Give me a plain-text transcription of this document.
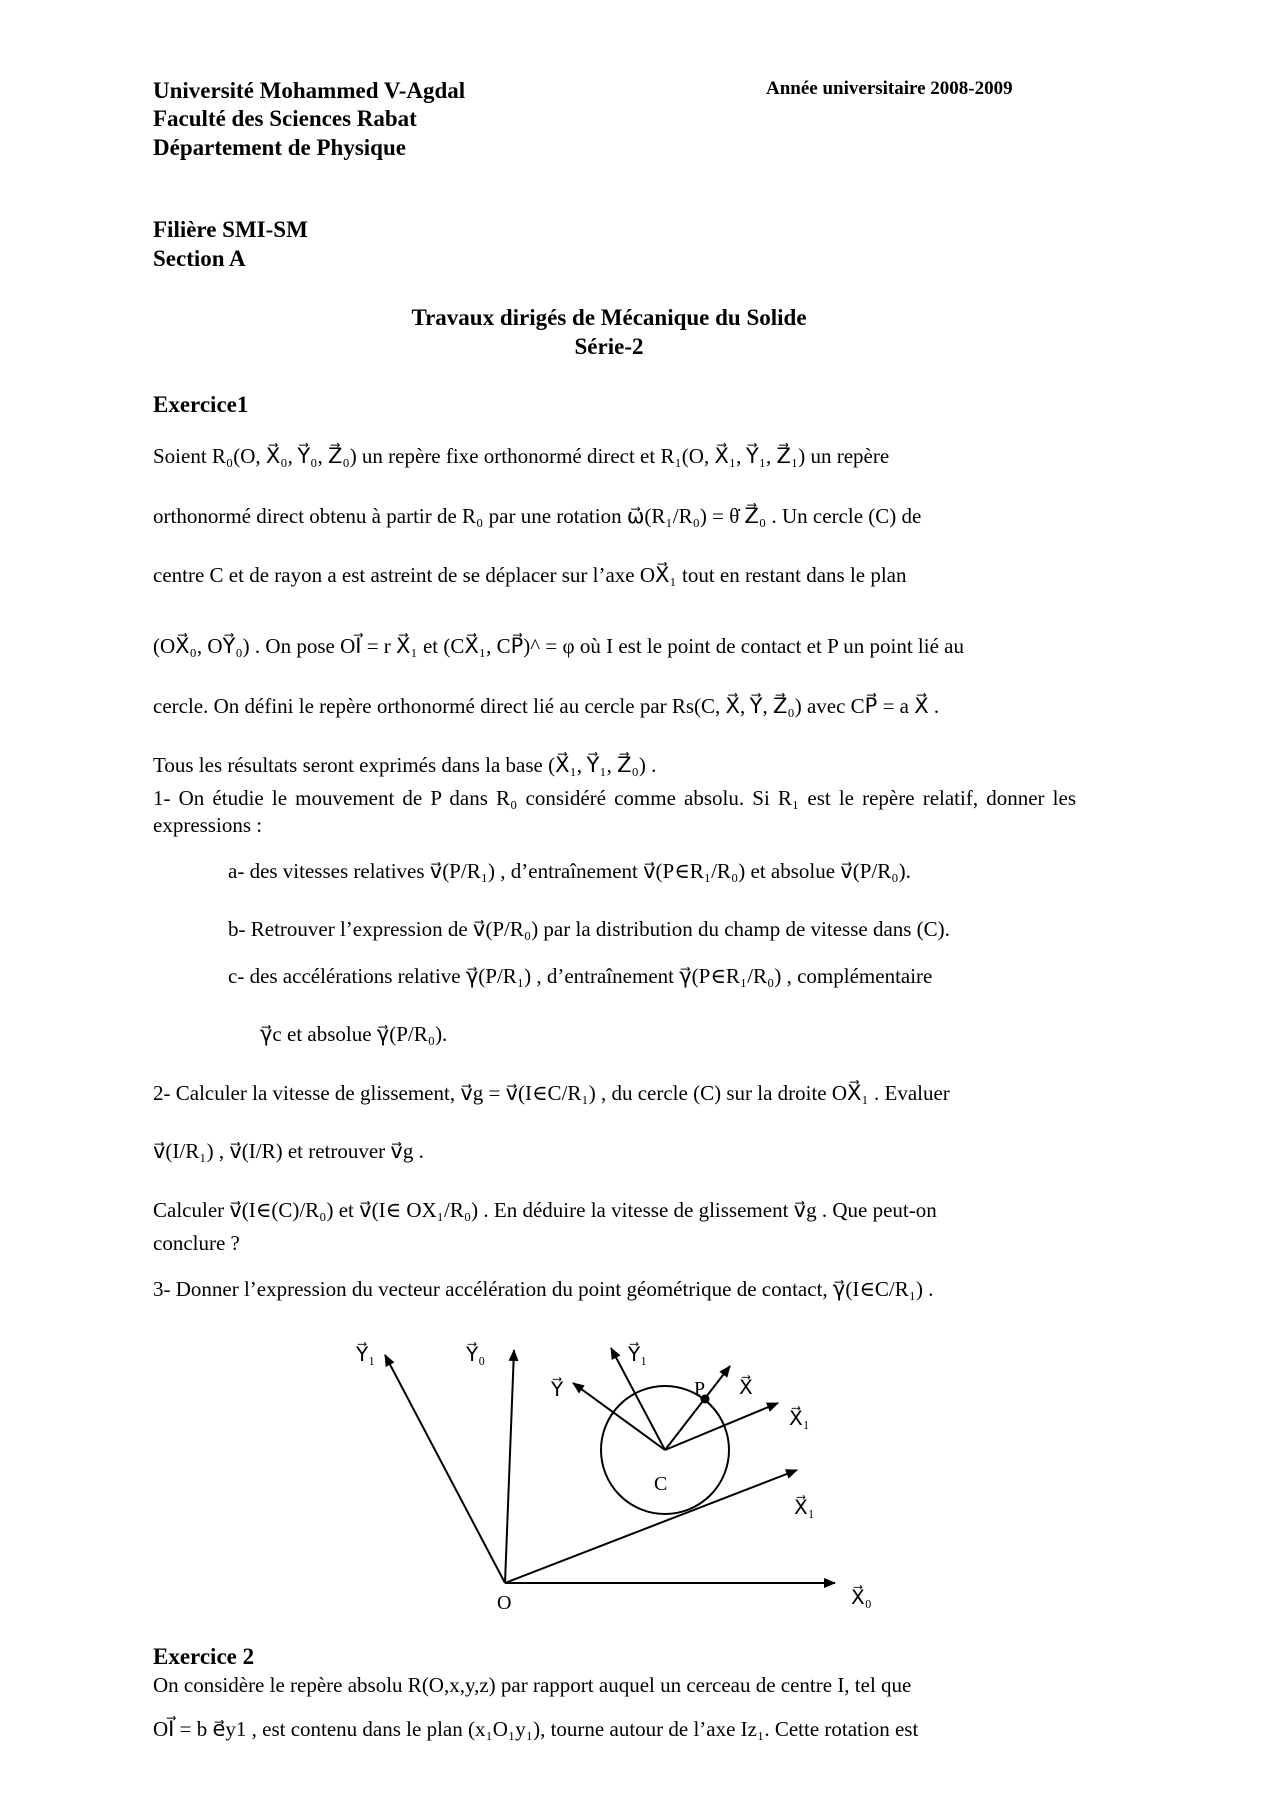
Université Mohammed V-Agdal
Faculté des Sciences Rabat
Département de Physique
Année universitaire 2008-2009
Filière SMI-SM
Section A
Travaux dirigés de Mécanique du Solide
Série-2
Exercice1
Soient R₀(O, X⃗₀, Y⃗₀, Z⃗₀) un repère fixe orthonormé direct et R₁(O, X⃗₁, Y⃗₁, Z⃗₁) un repère
orthonormé direct obtenu à partir de R₀ par une rotation ω⃗(R₁/R₀) = θ̇ Z⃗₀ . Un cercle (C) de
centre C et de rayon a est astreint de se déplacer sur l’axe OX⃗₁ tout en restant dans le plan
(OX⃗₀, OY⃗₀) . On pose OI⃗ = r X⃗₁ et (CX⃗₁, CP⃗)^ = φ où I est le point de contact et P un point lié au
cercle. On défini le repère orthonormé direct lié au cercle par Rs(C, X⃗, Y⃗, Z⃗₀) avec CP⃗ = a X⃗ .
Tous les résultats seront exprimés dans la base (X⃗₁, Y⃗₁, Z⃗₀) .
1- On étudie le mouvement de P dans R₀ considéré comme absolu. Si R₁ est le repère relatif, donner les expressions :
a- des vitesses relatives v⃗(P/R₁) , d’entraînement v⃗(P∈R₁/R₀) et absolue v⃗(P/R₀).
b- Retrouver l’expression de v⃗(P/R₀) par la distribution du champ de vitesse dans (C).
c- des accélérations relative γ⃗(P/R₁) , d’entraînement γ⃗(P∈R₁/R₀) , complémentaire
γ⃗c et absolue γ⃗(P/R₀).
2- Calculer la vitesse de glissement, v⃗g = v⃗(I∈C/R₁) , du cercle (C) sur la droite OX⃗₁ . Evaluer
v⃗(I/R₁) , v⃗(I/R) et retrouver v⃗g .
Calculer v⃗(I∈(C)/R₀) et v⃗(I∈ OX₁/R₀) . En déduire la vitesse de glissement v⃗g . Que peut-on
conclure ?
3- Donner l’expression du vecteur accélération du point géométrique de contact, γ⃗(I∈C/R₁) .
Y⃗₁	Y⃗₀	Y⃗₁
Y⃗	P X⃗
X⃗₁
C
X⃗₁
O	X⃗₀
Exercice 2
On considère le repère absolu R(O,x,y,z) par rapport auquel un cerceau de centre I, tel que
OI⃗ = b e⃗y1 , est contenu dans le plan (x₁O₁y₁), tourne autour de l’axe Iz₁. Cette rotation est
